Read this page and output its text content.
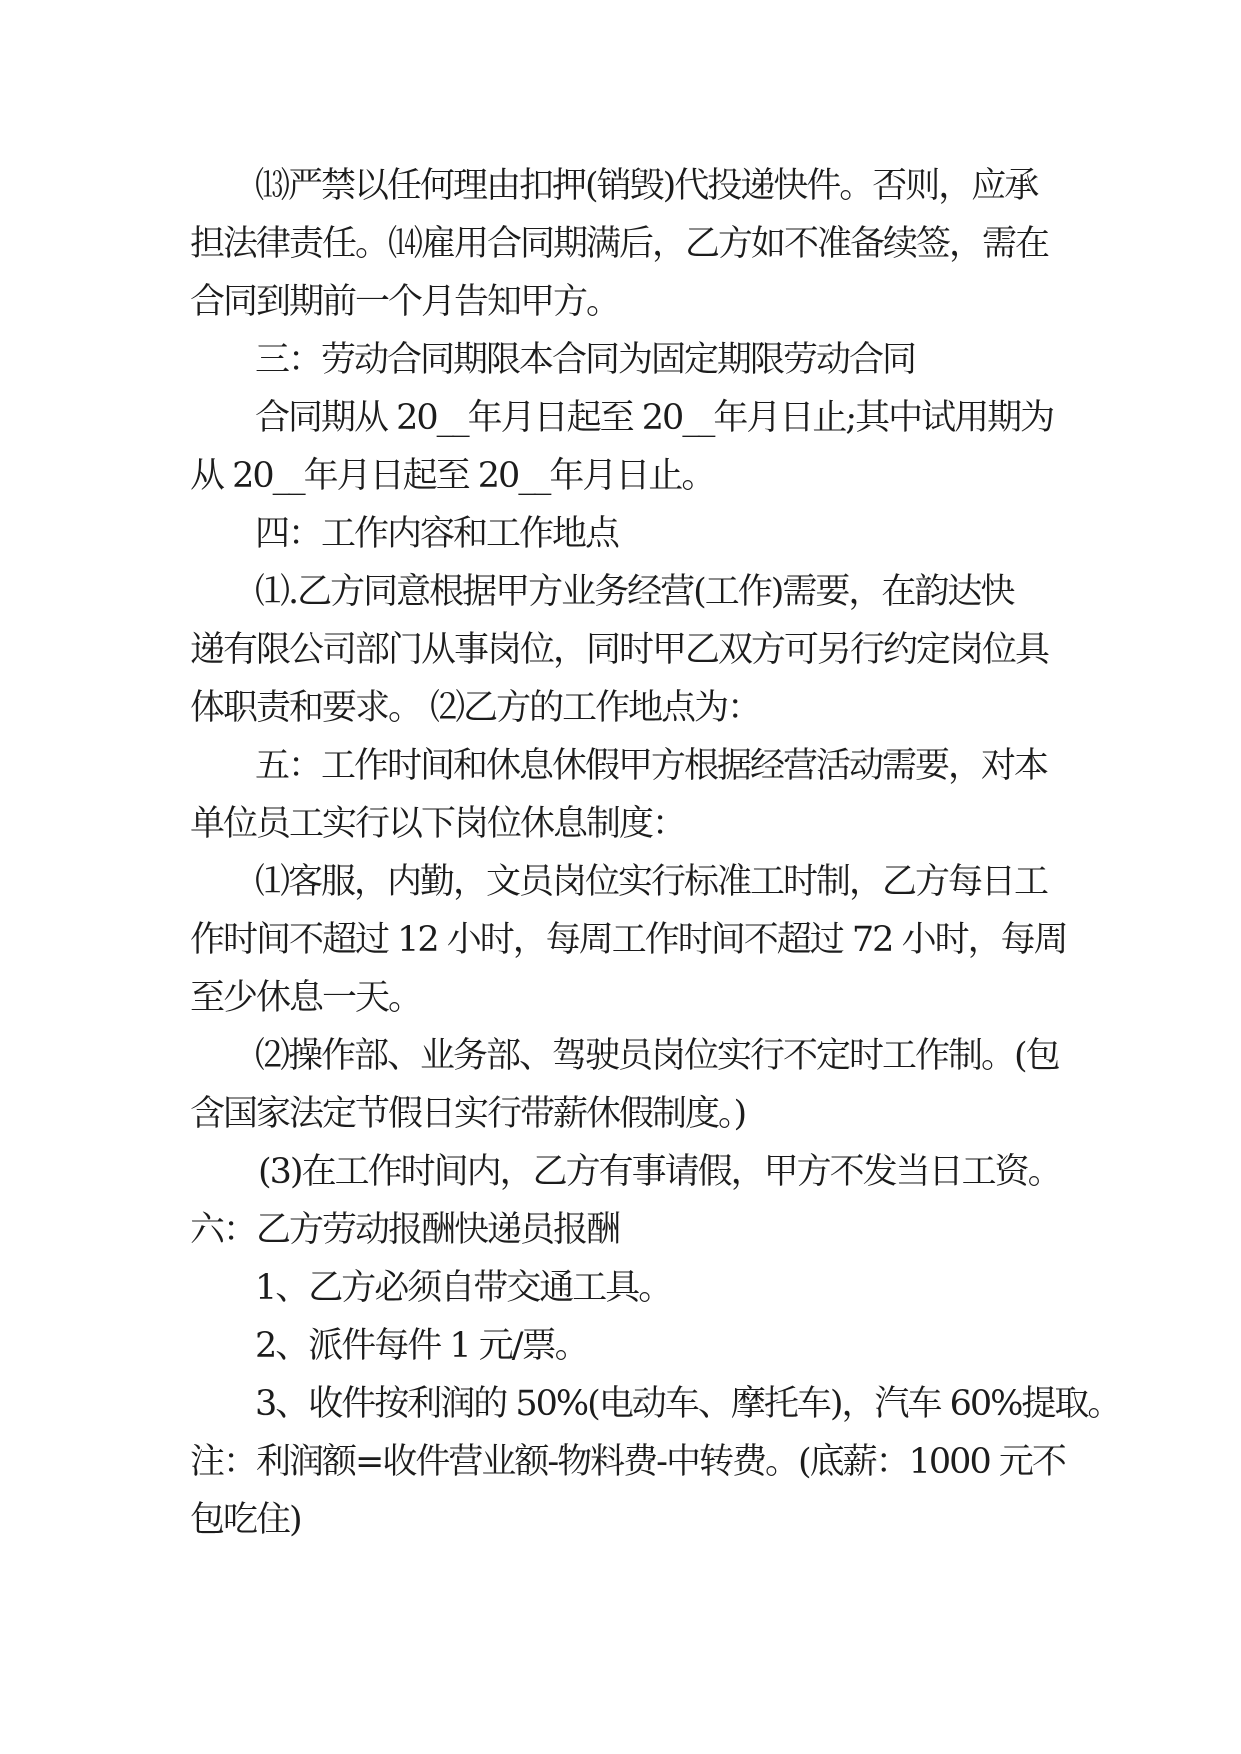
⒀严禁以任何理由扣押(销毁)代投递快件。否则，应承

担法律责任。⒁雇用合同期满后，乙方如不准备续签，需在

合同到期前一个月告知甲方。

三：劳动合同期限本合同为固定期限劳动合同

合同期从 20__年月日起至 20__年月日止;其中试用期为

从 20__年月日起至 20__年月日止。

四：工作内容和工作地点

⑴.乙方同意根据甲方业务经营(工作)需要，在韵达快

递有限公司部门从事岗位，同时甲乙双方可另行约定岗位具

体职责和要求。 ⑵乙方的工作地点为：

五：工作时间和休息休假甲方根据经营活动需要，对本

单位员工实行以下岗位休息制度：

⑴客服，内勤，文员岗位实行标准工时制，乙方每日工

作时间不超过 12 小时，每周工作时间不超过 72 小时，每周

至少休息一天。

⑵操作部、业务部、驾驶员岗位实行不定时工作制。(包

含国家法定节假日实行带薪休假制度。)

(3)在工作时间内，乙方有事请假，甲方不发当日工资。

六：乙方劳动报酬快递员报酬

1、乙方必须自带交通工具。

2、派件每件 1 元/票。

3、收件按利润的 50%(电动车、摩托车)，汽车 60%提取。

注：利润额=收件营业额-物料费-中转费。(底薪：1000 元不

包吃住)
